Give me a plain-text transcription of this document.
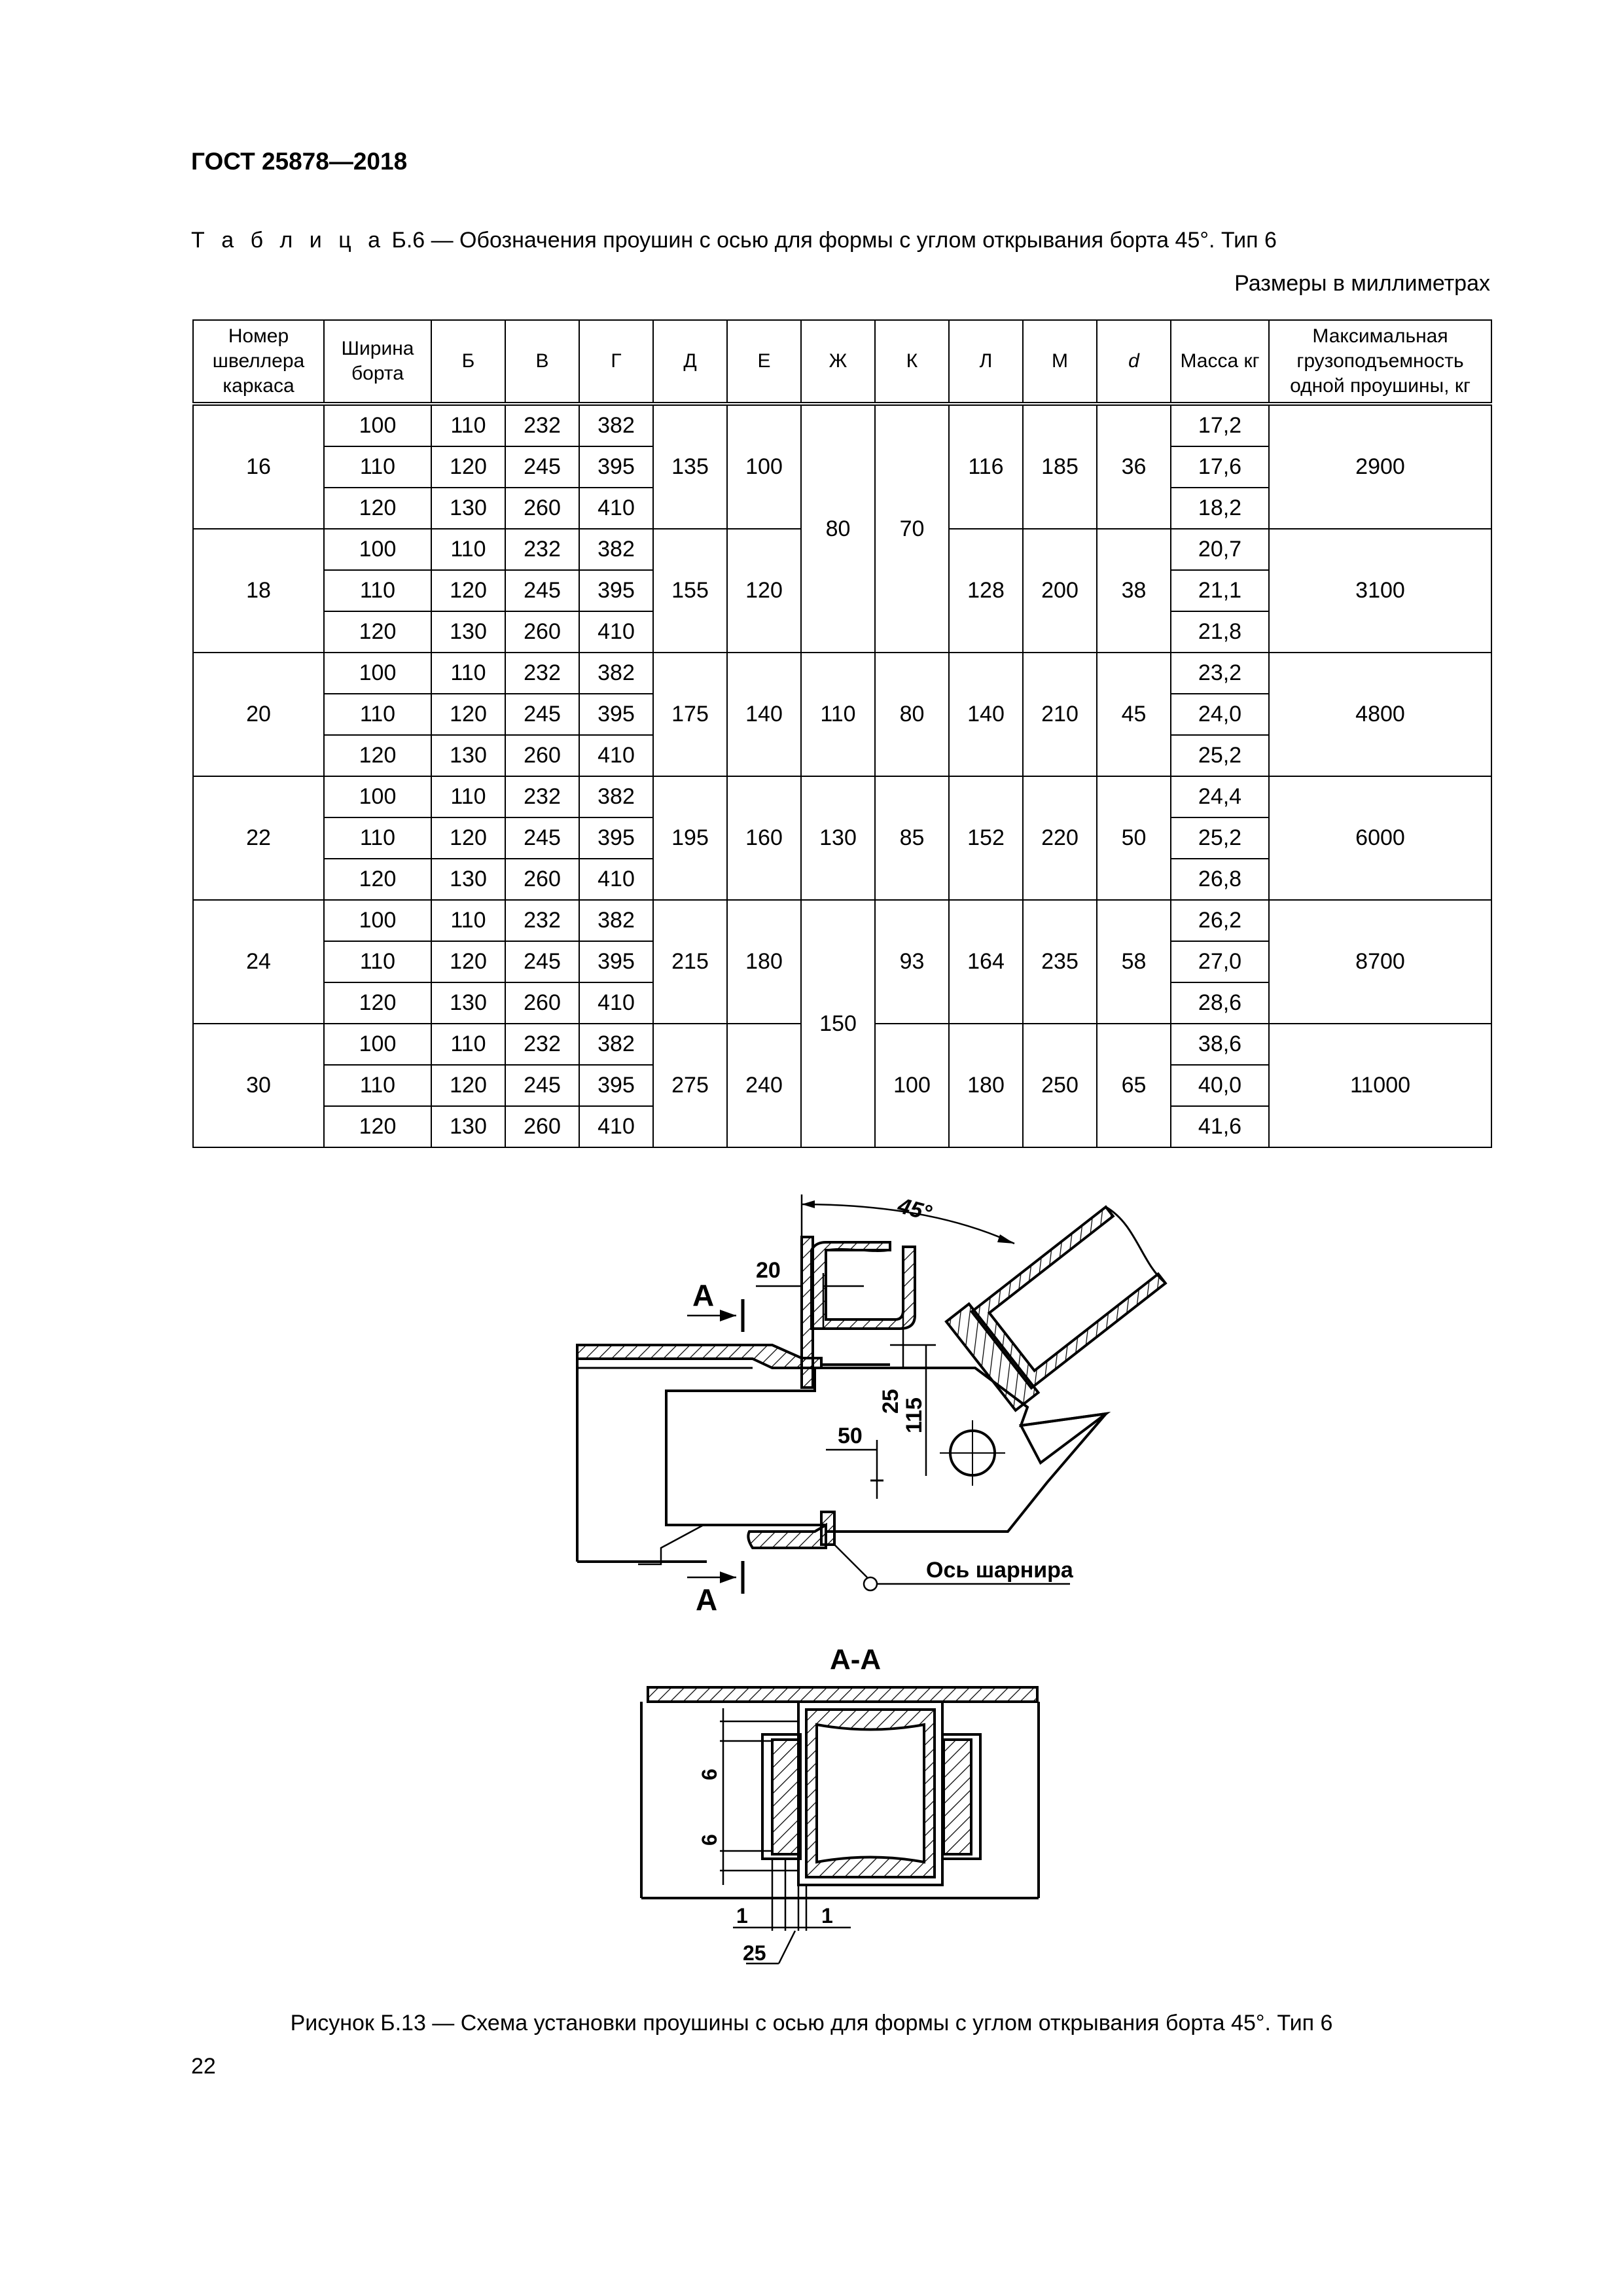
ГОСТ 25878—2018
Т а б л и ц а Б.6 — Обозначения проушин с осью для формы с углом открывания борта 45°. Тип 6
Размеры в миллиметрах
Номер швеллера каркаса	Ширина борта	Б	В	Г	Д	Е	Ж	К	Л	М	d	Масса кг	Максимальная грузоподъемность одной проушины, кг
16	100	110	232	382	135	100	80	70	116	185	36	17,2	2900
	110	120	245	395								17,6	
	120	130	260	410								18,2	
18	100	110	232	382	155	120			128	200	38	20,7	3100
	110	120	245	395								21,1	
	120	130	260	410								21,8	
20	100	110	232	382	175	140	110	80	140	210	45	23,2	4800
	110	120	245	395								24,0	
	120	130	260	410								25,2	
22	100	110	232	382	195	160	130	85	152	220	50	24,4	6000
	110	120	245	395								25,2	
	120	130	260	410								26,8	
24	100	110	232	382	215	180	150	93	164	235	58	26,2	8700
	110	120	245	395								27,0	
	120	130	260	410								28,6	
30	100	110	232	382	275	240		100	180	250	65	38,6	11000
	110	120	245	395								40,0	
	120	130	260	410								41,6	
45°
20
25
115
50
А
А
Ось шарнира
А-А
6
6
1	1
25
Рисунок Б.13 — Схема установки проушины с осью для формы с углом открывания борта 45°. Тип 6
22
